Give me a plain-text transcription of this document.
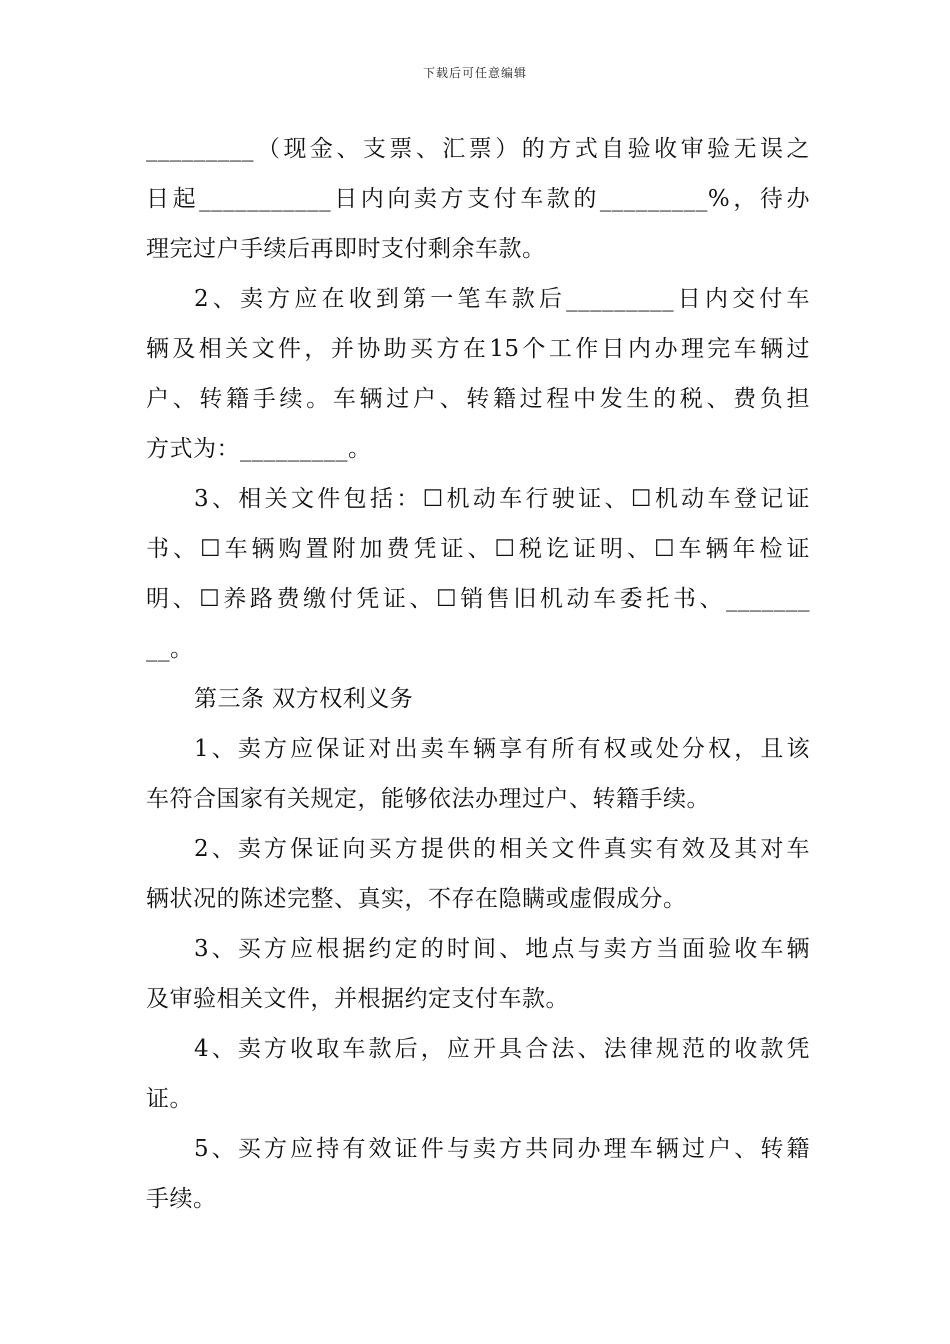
下载后可任意编辑
_________（现金、支票、汇票）的方式自验收审验无误之
日起___________日内向卖方支付车款的_________%，待办
理完过户手续后再即时支付剩余车款。
2、卖方应在收到第一笔车款后_________日内交付车
辆及相关文件，并协助买方在15个工作日内办理完车辆过
户、转籍手续。车辆过户、转籍过程中发生的税、费负担
方式为：_________。
3、相关文件包括：☐机动车行驶证、☐机动车登记证
书、☐车辆购置附加费凭证、☐税讫证明、☐车辆年检证
明、☐养路费缴付凭证、☐销售旧机动车委托书、_______
__。
第三条 双方权利义务
1、卖方应保证对出卖车辆享有所有权或处分权，且该
车符合国家有关规定，能够依法办理过户、转籍手续。
2、卖方保证向买方提供的相关文件真实有效及其对车
辆状况的陈述完整、真实，不存在隐瞒或虚假成分。
3、买方应根据约定的时间、地点与卖方当面验收车辆
及审验相关文件，并根据约定支付车款。
4、卖方收取车款后，应开具合法、法律规范的收款凭
证。
5、买方应持有效证件与卖方共同办理车辆过户、转籍
手续。
